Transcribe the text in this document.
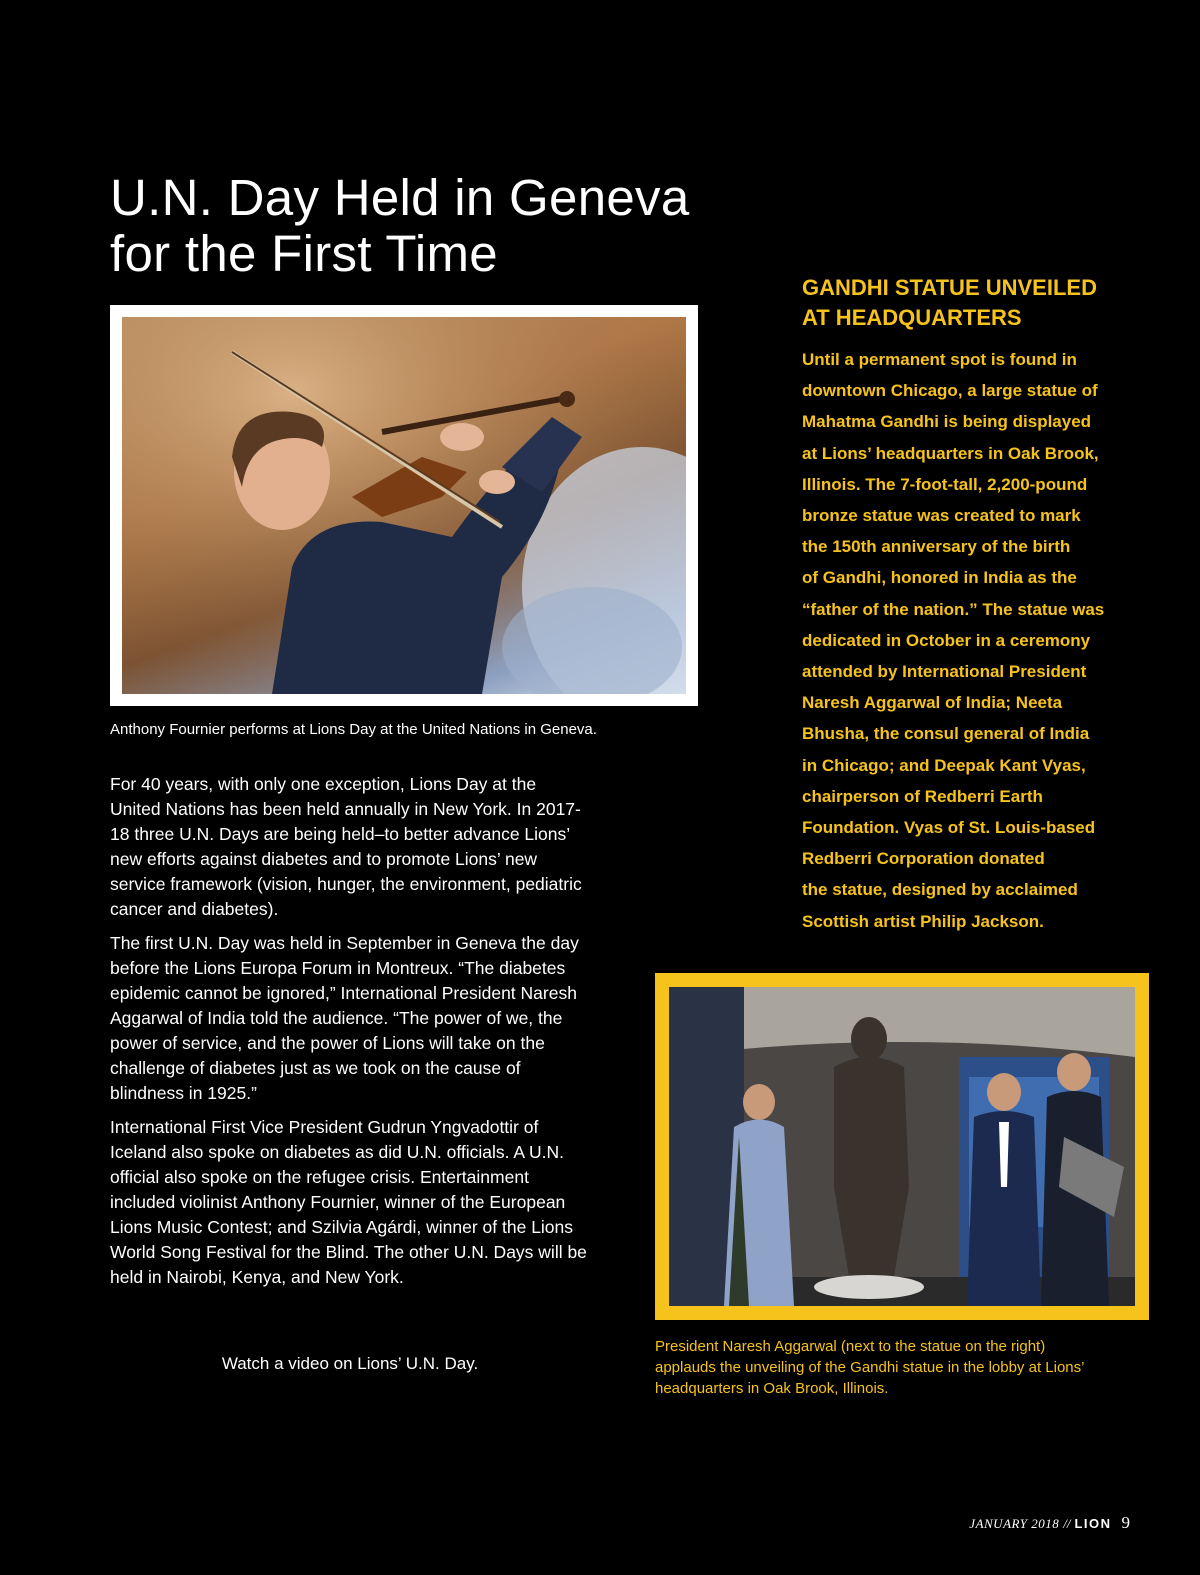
U.N. Day Held in Geneva
for the First Time

Anthony Fournier performs at Lions Day at the United Nations in Geneva.

For 40 years, with only one exception, Lions Day at the United Nations has been held annually in New York. In 2017-18 three U.N. Days are being held–to better advance Lions’ new efforts against diabetes and to promote Lions’ new service framework (vision, hunger, the environment, pediatric cancer and diabetes).

The first U.N. Day was held in September in Geneva the day before the Lions Europa Forum in Montreux. “The diabetes epidemic cannot be ignored,” International President Naresh Aggarwal of India told the audience. “The power of we, the power of service, and the power of Lions will take on the challenge of diabetes just as we took on the cause of blindness in 1925.”

International First Vice President Gudrun Yngvadottir of Iceland also spoke on diabetes as did U.N. officials. A U.N. official also spoke on the refugee crisis. Entertainment included violinist Anthony Fournier, winner of the European Lions Music Contest; and Szilvia Agárdi, winner of the Lions World Song Festival for the Blind. The other U.N. Days will be held in Nairobi, Kenya, and New York.

Watch a video on Lions’ U.N. Day.
GANDHI STATUE UNVEILED
AT HEADQUARTERS
Until a permanent spot is found in
downtown Chicago, a large statue of
Mahatma Gandhi is being displayed
at Lions’ headquarters in Oak Brook,
Illinois. The 7-foot-tall, 2,200-pound
bronze statue was created to mark
the 150th anniversary of the birth
of Gandhi, honored in India as the
“father of the nation.” The statue was
dedicated in October in a ceremony
attended by International President
Naresh Aggarwal of India; Neeta
Bhusha, the consul general of India
in Chicago; and Deepak Kant Vyas,
chairperson of Redberri Earth
Foundation. Vyas of St. Louis-based
Redberri Corporation donated
the statue, designed by acclaimed
Scottish artist Philip Jackson.
President Naresh Aggarwal (next to the statue on the right)
applauds the unveiling of the Gandhi statue in the lobby at Lions’
headquarters in Oak Brook, Illinois.
JANUARY 2018 // LION 9
